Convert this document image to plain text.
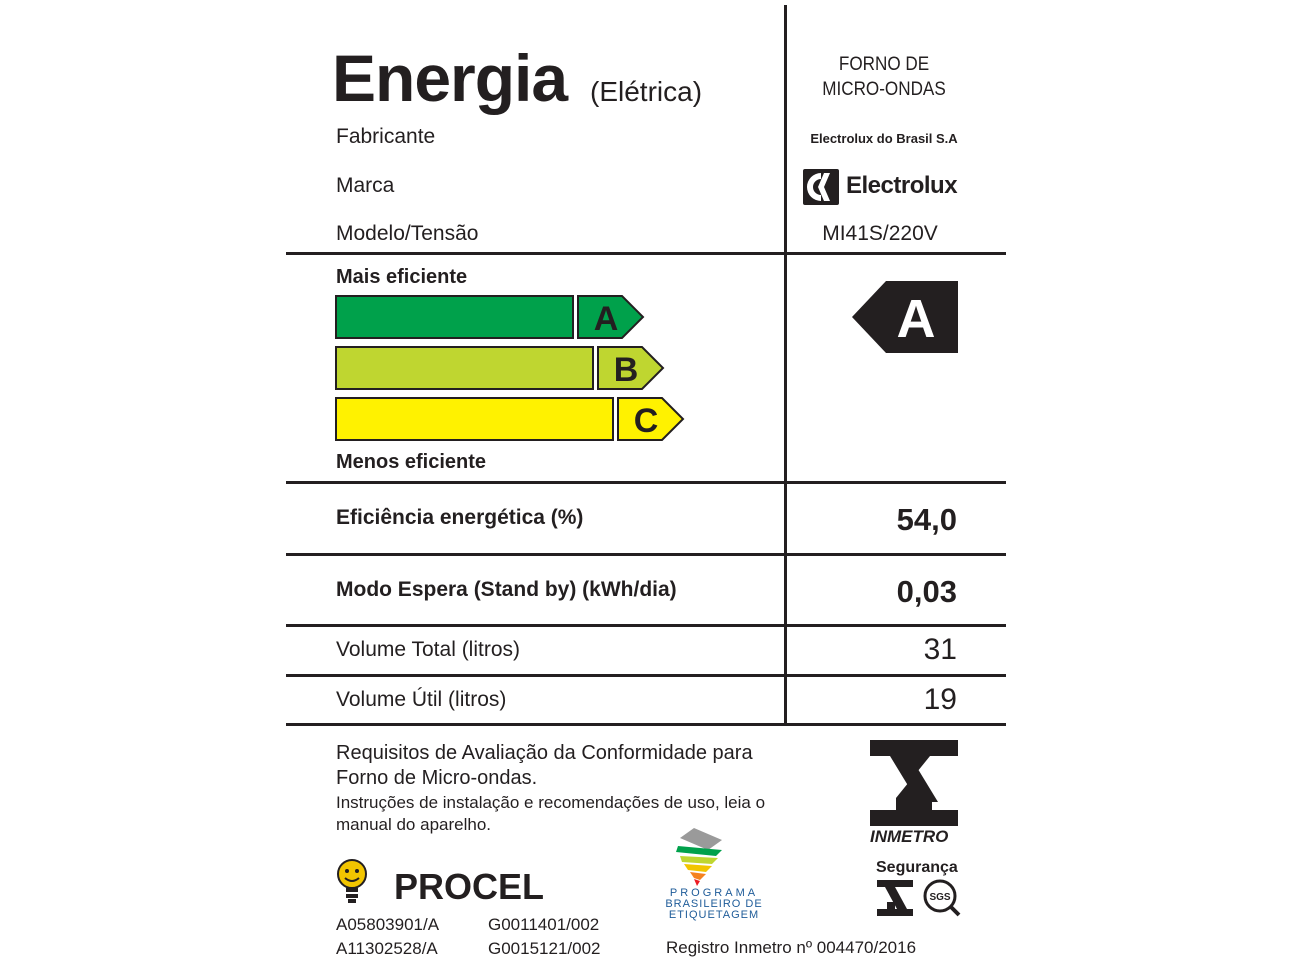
Energia (Elétrica)
FORNO DE
MICRO-ONDAS
Fabricante	Electrolux do Brasil S.A
Marca	Electrolux
Modelo/Tensão	MI41S/220V
Mais eficiente
A
B
C
Menos eficiente
A
Eficiência energética (%)	54,0
Modo Espera (Stand by) (kWh/dia)	0,03
Volume Total (litros)	31
Volume Útil (litros)	19
Requisitos de Avaliação da Conformidade para
Forno de Micro-ondas.
Instruções de instalação e recomendações de uso, leia o
manual do aparelho.
INMETRO
Segurança
SGS
PROCEL
A05803901/A	G0011401/002
A11302528/A	G0015121/002
PROGRAMA
BRASILEIRO DE
ETIQUETAGEM
Registro Inmetro nº 004470/2016
